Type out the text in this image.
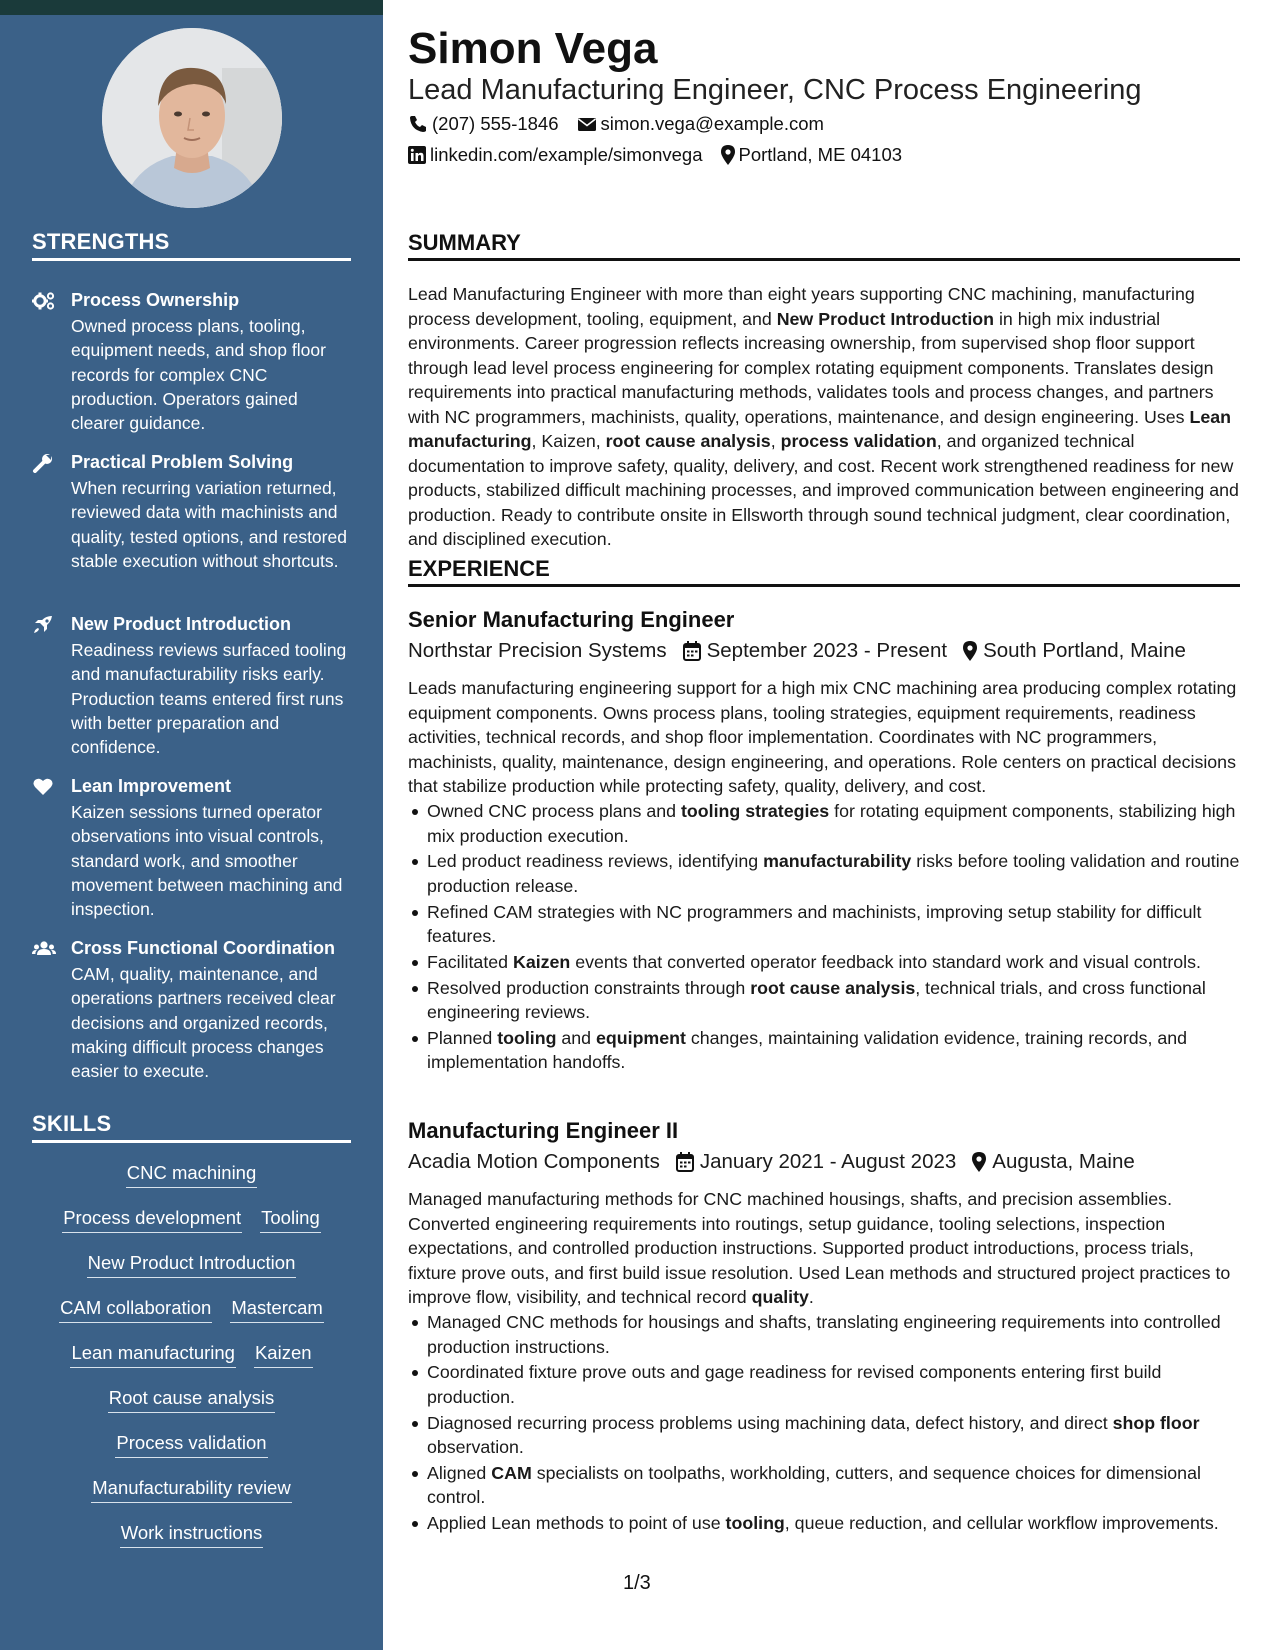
STRENGTHS
Process Ownership
Owned process plans, tooling, equipment needs, and shop floor records for complex CNC production. Operators gained clearer guidance.
Practical Problem Solving
When recurring variation returned, reviewed data with machinists and quality, tested options, and restored stable execution without shortcuts.
New Product Introduction
Readiness reviews surfaced tooling and manufacturability risks early. Production teams entered first runs with better preparation and confidence.
Lean Improvement
Kaizen sessions turned operator observations into visual controls, standard work, and smoother movement between machining and inspection.
Cross Functional Coordination
CAM, quality, maintenance, and operations partners received clear decisions and organized records, making difficult process changes easier to execute.
SKILLS
CNC machining
Process development Tooling
New Product Introduction
CAM collaboration Mastercam
Lean manufacturing Kaizen
Root cause analysis
Process validation
Manufacturability review
Work instructions
Simon Vega
Lead Manufacturing Engineer, CNC Process Engineering
(207) 555-1846 simon.vega@example.com
linkedin.com/example/simonvega Portland, ME 04103
SUMMARY
Lead Manufacturing Engineer with more than eight years supporting CNC machining, manufacturing process development, tooling, equipment, and New Product Introduction in high mix industrial environments. Career progression reflects increasing ownership, from supervised shop floor support through lead level process engineering for complex rotating equipment components. Translates design requirements into practical manufacturing methods, validates tools and process changes, and partners with NC programmers, machinists, quality, operations, maintenance, and design engineering. Uses Lean manufacturing, Kaizen, root cause analysis, process validation, and organized technical documentation to improve safety, quality, delivery, and cost. Recent work strengthened readiness for new products, stabilized difficult machining processes, and improved communication between engineering and production. Ready to contribute onsite in Ellsworth through sound technical judgment, clear coordination, and disciplined execution.
EXPERIENCE
Senior Manufacturing Engineer
Northstar Precision Systems September 2023 - Present South Portland, Maine
Leads manufacturing engineering support for a high mix CNC machining area producing complex rotating equipment components. Owns process plans, tooling strategies, equipment requirements, readiness activities, technical records, and shop floor implementation. Coordinates with NC programmers, machinists, quality, maintenance, design engineering, and operations. Role centers on practical decisions that stabilize production while protecting safety, quality, delivery, and cost.
Owned CNC process plans and tooling strategies for rotating equipment components, stabilizing high mix production execution.
Led product readiness reviews, identifying manufacturability risks before tooling validation and routine production release.
Refined CAM strategies with NC programmers and machinists, improving setup stability for difficult features.
Facilitated Kaizen events that converted operator feedback into standard work and visual controls.
Resolved production constraints through root cause analysis, technical trials, and cross functional engineering reviews.
Planned tooling and equipment changes, maintaining validation evidence, training records, and implementation handoffs.
Manufacturing Engineer II
Acadia Motion Components January 2021 - August 2023 Augusta, Maine
Managed manufacturing methods for CNC machined housings, shafts, and precision assemblies. Converted engineering requirements into routings, setup guidance, tooling selections, inspection expectations, and controlled production instructions. Supported product introductions, process trials, fixture prove outs, and first build issue resolution. Used Lean methods and structured project practices to improve flow, visibility, and technical record quality.
Managed CNC methods for housings and shafts, translating engineering requirements into controlled production instructions.
Coordinated fixture prove outs and gage readiness for revised components entering first build production.
Diagnosed recurring process problems using machining data, defect history, and direct shop floor observation.
Aligned CAM specialists on toolpaths, workholding, cutters, and sequence choices for dimensional control.
Applied Lean methods to point of use tooling, queue reduction, and cellular workflow improvements.
1/3
